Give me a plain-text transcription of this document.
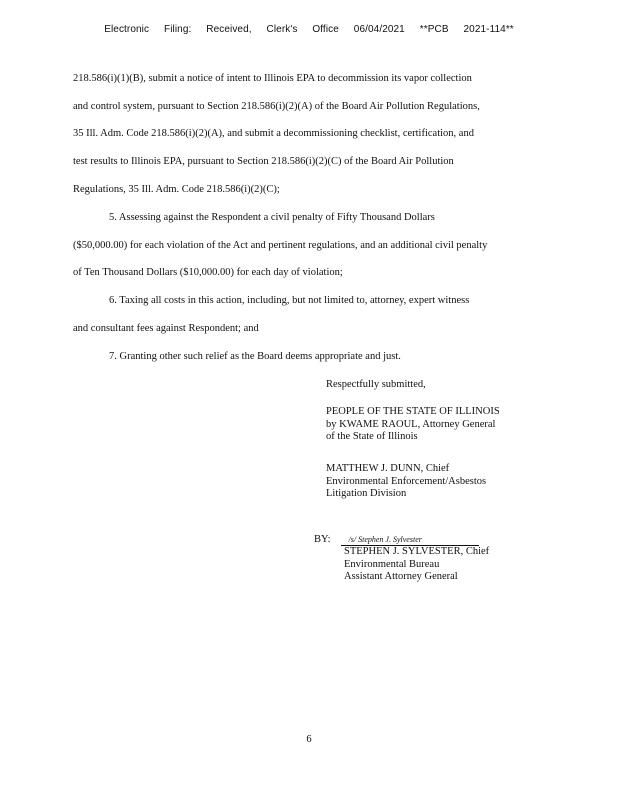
Electronic Filing: Received, Clerk's Office 06/04/2021 **PCB 2021-114**
218.586(i)(1)(B), submit a notice of intent to Illinois EPA to decommission its vapor collection
and control system, pursuant to Section 218.586(i)(2)(A) of the Board Air Pollution Regulations,
35 Ill. Adm. Code 218.586(i)(2)(A), and submit a decommissioning checklist, certification, and
test results to Illinois EPA, pursuant to Section 218.586(i)(2)(C) of the Board Air Pollution
Regulations, 35 Ill. Adm. Code 218.586(i)(2)(C);
5. Assessing against the Respondent a civil penalty of Fifty Thousand Dollars
($50,000.00) for each violation of the Act and pertinent regulations, and an additional civil penalty
of Ten Thousand Dollars ($10,000.00) for each day of violation;
6. Taxing all costs in this action, including, but not limited to, attorney, expert witness
and consultant fees against Respondent; and
7. Granting other such relief as the Board deems appropriate and just.
Respectfully submitted,
PEOPLE OF THE STATE OF ILLINOIS
by KWAME RAOUL, Attorney General
of the State of Illinois
MATTHEW J. DUNN, Chief
Environmental Enforcement/Asbestos
Litigation Division
BY: /s/ Stephen J. Sylvester
STEPHEN J. SYLVESTER, Chief
Environmental Bureau
Assistant Attorney General
6
